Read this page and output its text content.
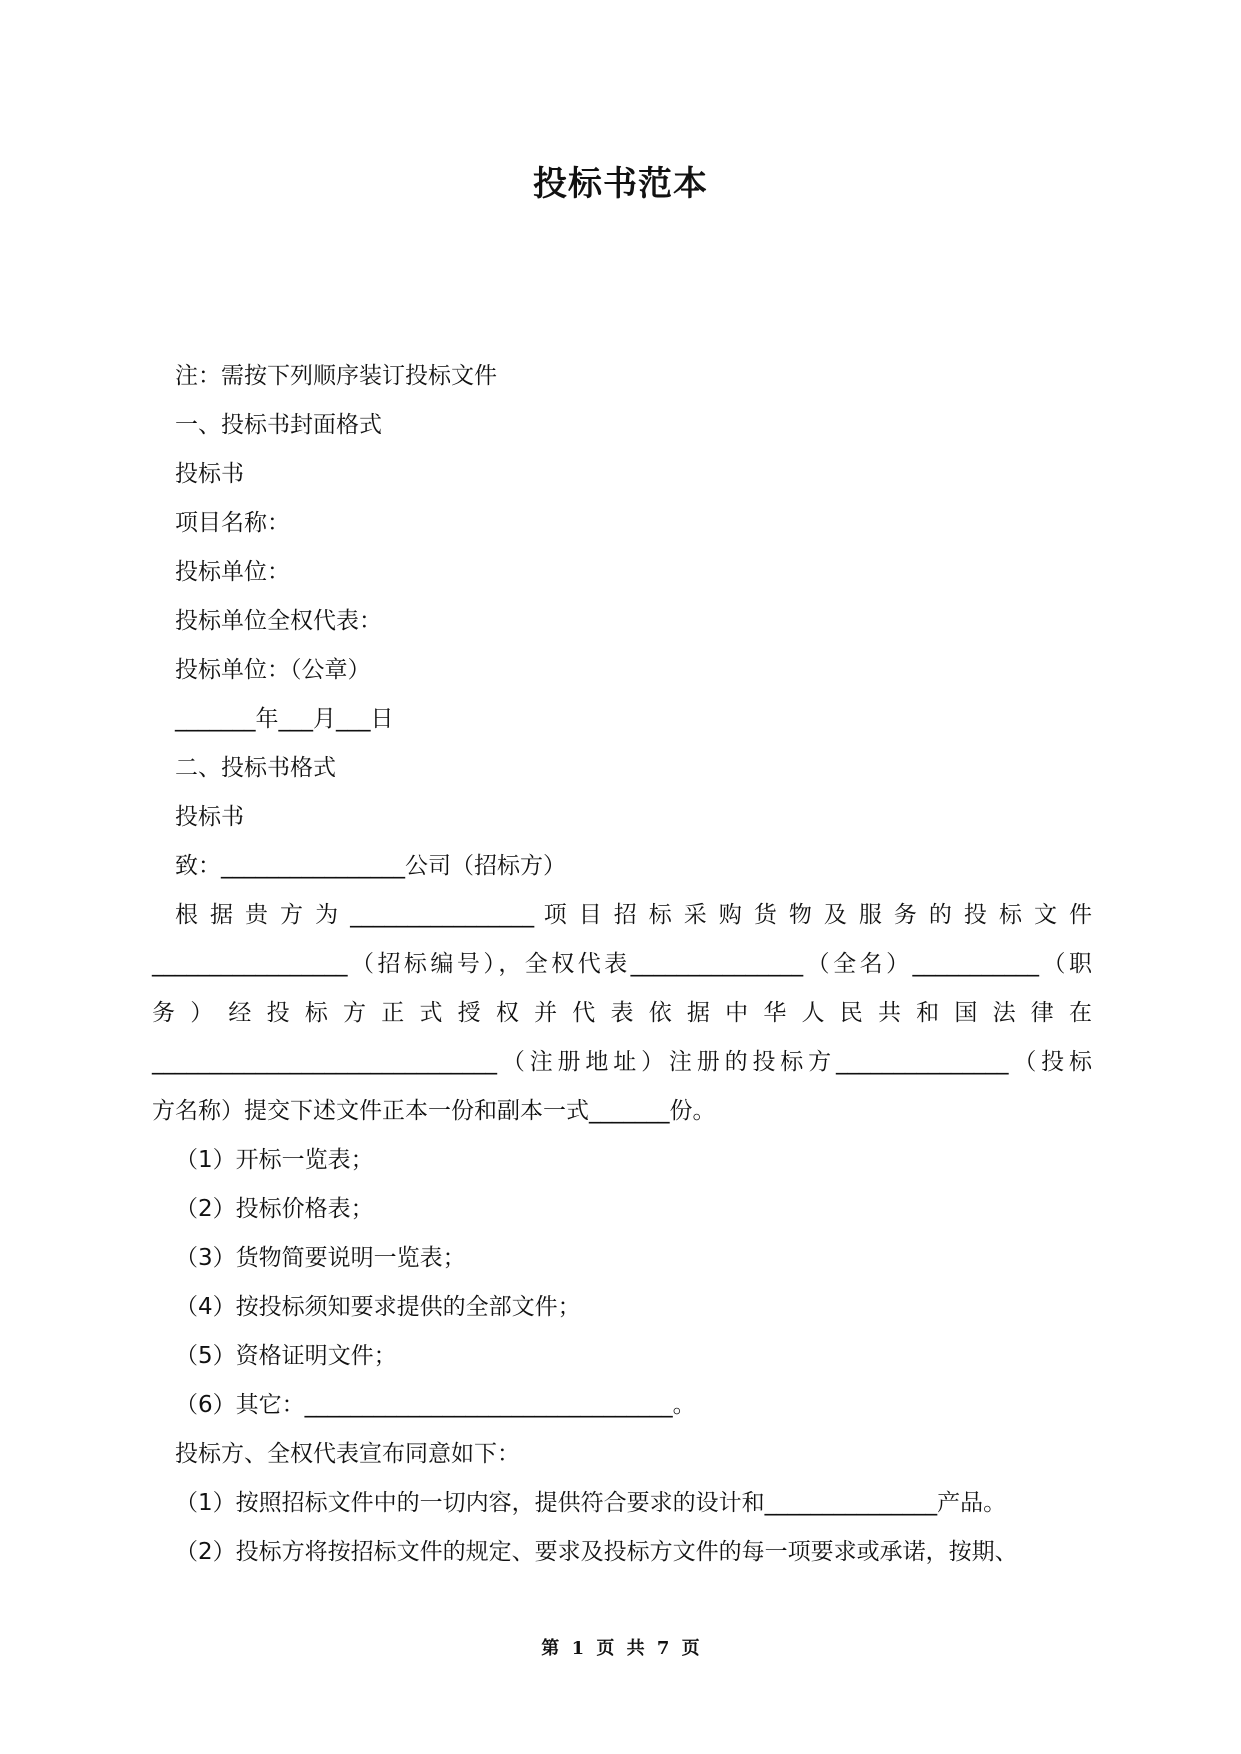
投标书范本
注：需按下列顺序装订投标文件
一、投标书封面格式
投标书
项目名称：
投标单位：
投标单位全权代表：
投标单位：（公章）
_______年___月___日
二、投标书格式
投标书
致：________________公司（招标方）
根 据 贵 方 为 ________________ 项 目 招 标 采 购 货 物 及 服 务 的 投 标 文 件
_________________（招标编号），全权代表_______________（全名）___________（职
务 ） 经 投 标 方 正 式 授 权 并 代 表 依 据 中 华 人 民 共 和 国 法 律 在
______________________________（注册地址）注册的投标方_______________（投标
方名称）提交下述文件正本一份和副本一式_______份。
（1）开标一览表；
（2）投标价格表；
（3）货物简要说明一览表；
（4）按投标须知要求提供的全部文件；
（5）资格证明文件；
（6）其它：________________________________。
投标方、全权代表宣布同意如下：
（1）按照招标文件中的一切内容，提供符合要求的设计和_______________产品。
（2）投标方将按招标文件的规定、要求及投标方文件的每一项要求或承诺，按期、
第 1 页 共 7 页
